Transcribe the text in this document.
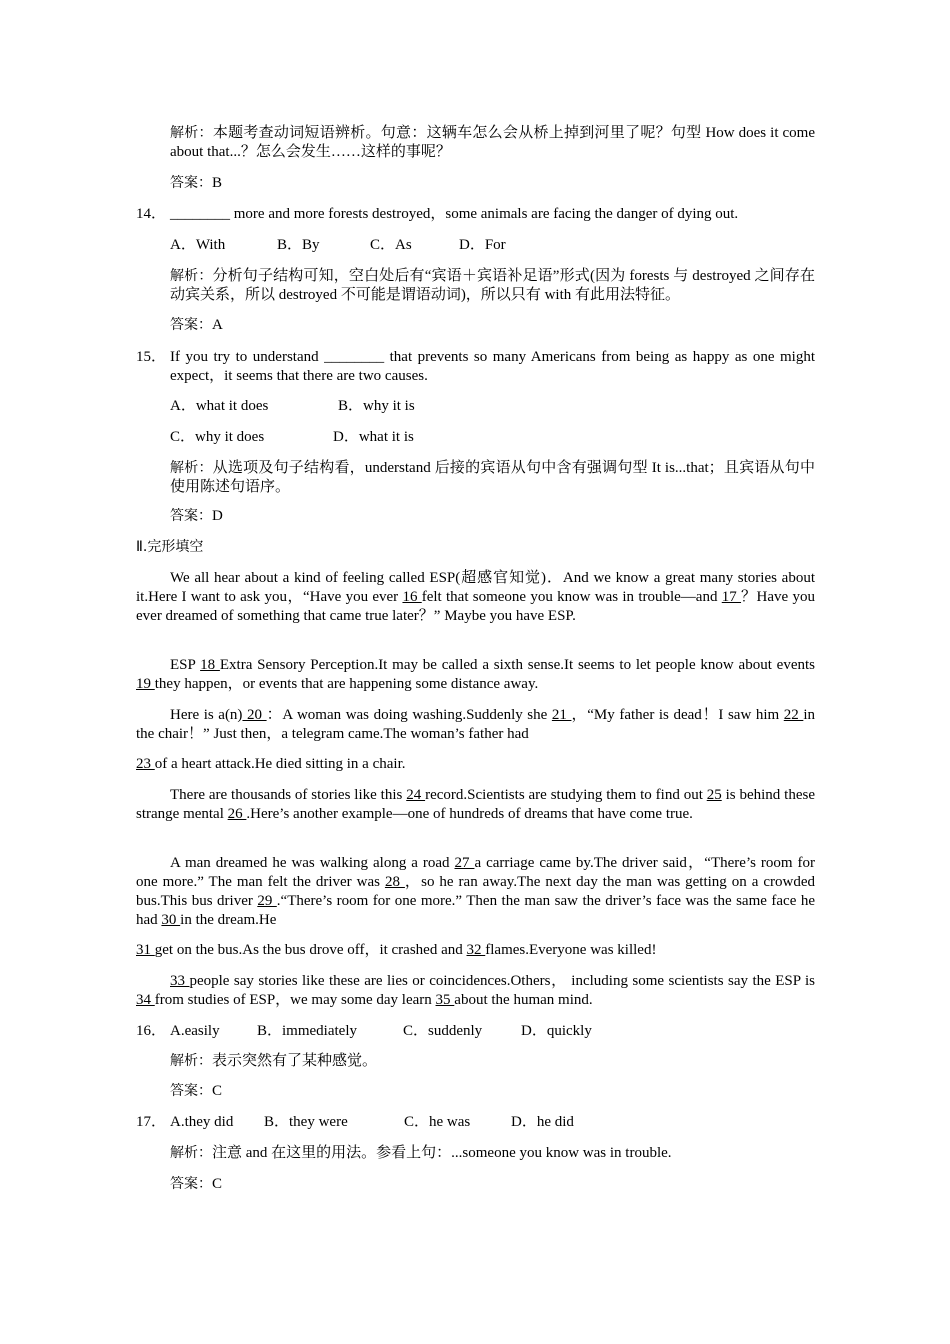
解析：本题考查动词短语辨析。句意：这辆车怎么会从桥上掉到河里了呢？句型 How does it come about that...？怎么会发生……这样的事呢？

答案：B

14． ________ more and more forests destroyed，some animals are facing the danger of dying out.

A．With	B．By	C．As	D．For

解析：分析句子结构可知，空白处后有“宾语＋宾语补足语”形式(因为 forests 与 destroyed 之间存在动宾关系，所以 destroyed 不可能是谓语动词)，所以只有 with 有此用法特征。

答案：A

15． If you try to understand ________ that prevents so many Americans from being as happy as one might expect，it seems that there are two causes.

A．what it does	B．why it is
C．why it does	D．what it is

解析：从选项及句子结构看，understand 后接的宾语从句中含有强调句型 It is...that；且宾语从句中使用陈述句语序。

答案：D

Ⅱ.完形填空

We all hear about a kind of feeling called ESP(超感官知觉)．And we know a great many stories about it.Here I want to ask you，“Have you ever 16 felt that someone you know was in trouble—and 17 ？Have you ever dreamed of something that came true later？” Maybe you have ESP.

ESP 18 Extra Sensory Perception.It may be called a sixth sense.It seems to let people know about events 19 they happen，or events that are happening some distance away.

Here is a(n) 20 ：A woman was doing washing.Suddenly she 21 ，“My father is dead！I saw him 22 in the chair！” Just then，a telegram came.The woman’s father had

23 of a heart attack.He died sitting in a chair.

There are thousands of stories like this 24 record.Scientists are studying them to find out 25 is behind these strange mental 26 .Here’s another example—one of hundreds of dreams that have come true.

A man dreamed he was walking along a road 27 a carriage came by.The driver said，“There’s room for one more.” The man felt the driver was 28 ，so he ran away.The next day the man was getting on a crowded bus.This bus driver 29 .“There’s room for one more.” Then the man saw the driver’s face was the same face he had 30 in the dream.He

31 get on the bus.As the bus drove off，it crashed and 32 flames.Everyone was killed!

33 people say stories like these are lies or coincidences.Others， including some scientists say the ESP is 34 from studies of ESP，we may some day learn 35 about the human mind.

16． A.easily B．immediately	C．suddenly	D．quickly

解析：表示突然有了某种感觉。

答案：C

17． A.they did B．they were	C．he was	D．he did

解析：注意 and 在这里的用法。参看上句：...someone you know was in trouble.

答案：C
